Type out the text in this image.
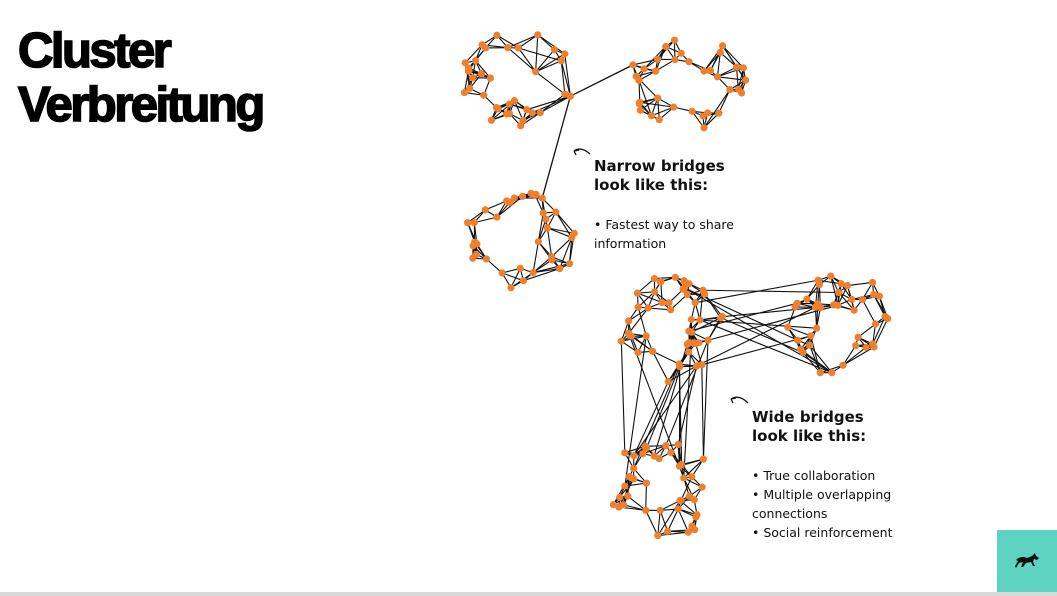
Cluster
Verbreitung
Narrow bridges
look like this:
• Fastest way to share
information
Wide bridges
look like this:
• True collaboration
• Multiple overlapping
connections
• Social reinforcement
